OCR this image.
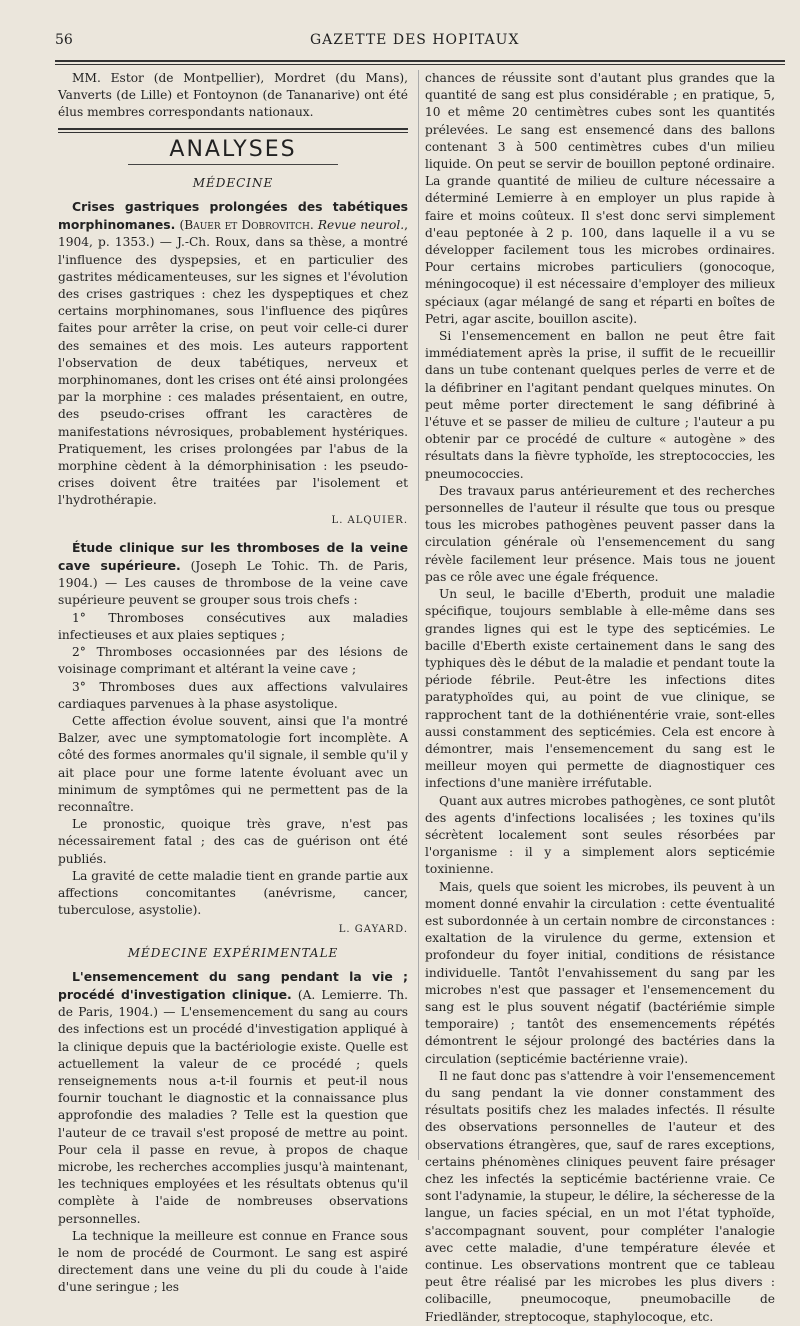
56	GAZETTE DES HOPITAUX

MM. Estor (de Montpellier), Mordret (du Mans), Vanverts (de Lille) et Fontoynon (de Tananarive) ont été élus membres correspondants nationaux.

ANALYSES
MÉDECINE

Crises gastriques prolongées des tabétiques morphinomanes. (Bauer et Dobrovitch. Revue neurol., 1904, p. 1353.) — J.-Ch. Roux, dans sa thèse, a montré l'influence des dyspepsies, et en particulier des gastrites médicamenteuses, sur les signes et l'évolution des crises gastriques : chez les dyspeptiques et chez certains morphinomanes, sous l'influence des piqûres faites pour arrêter la crise, on peut voir celle-ci durer des semaines et des mois. Les auteurs rapportent l'observation de deux tabétiques, nerveux et morphinomanes, dont les crises ont été ainsi prolongées par la morphine : ces malades présentaient, en outre, des pseudo-crises offrant les caractères de manifestations névrosiques, probablement hystériques. Pratiquement, les crises prolongées par l'abus de la morphine cèdent à la démorphinisation : les pseudo-crises doivent être traitées par l'isolement et l'hydrothérapie.

L. ALQUIER.

Étude clinique sur les thromboses de la veine cave supérieure. (Joseph Le Tohic. Th. de Paris, 1904.) — Les causes de thrombose de la veine cave supérieure peuvent se grouper sous trois chefs :

1° Thromboses consécutives aux maladies infectieuses et aux plaies septiques ;

2° Thromboses occasionnées par des lésions de voisinage comprimant et altérant la veine cave ;

3° Thromboses dues aux affections valvulaires cardiaques parvenues à la phase asystolique.

Cette affection évolue souvent, ainsi que l'a montré Balzer, avec une symptomatologie fort incomplète. A côté des formes anormales qu'il signale, il semble qu'il y ait place pour une forme latente évoluant avec un minimum de symptômes qui ne permettent pas de la reconnaître.

Le pronostic, quoique très grave, n'est pas nécessairement fatal ; des cas de guérison ont été publiés.

La gravité de cette maladie tient en grande partie aux affections concomitantes (anévrisme, cancer, tuberculose, asystolie).

L. GAYARD.
MÉDECINE EXPÉRIMENTALE

L'ensemencement du sang pendant la vie ; procédé d'investigation clinique. (A. Lemierre. Th. de Paris, 1904.) — L'ensemencement du sang au cours des infections est un procédé d'investigation appliqué à la clinique depuis que la bactériologie existe. Quelle est actuellement la valeur de ce procédé ; quels renseignements nous a-t-il fournis et peut-il nous fournir touchant le diagnostic et la connaissance plus approfondie des maladies ? Telle est la question que l'auteur de ce travail s'est proposé de mettre au point. Pour cela il passe en revue, à propos de chaque microbe, les recherches accomplies jusqu'à maintenant, les techniques employées et les résultats obtenus qu'il complète à l'aide de nombreuses observations personnelles.

La technique la meilleure est connue en France sous le nom de procédé de Courmont. Le sang est aspiré directement dans une veine du pli du coude à l'aide d'une seringue ; les

chances de réussite sont d'autant plus grandes que la quantité de sang est plus considérable ; en pratique, 5, 10 et même 20 centimètres cubes sont les quantités prélevées. Le sang est ensemencé dans des ballons contenant 3 à 500 centimètres cubes d'un milieu liquide. On peut se servir de bouillon peptoné ordinaire. La grande quantité de milieu de culture nécessaire a déterminé Lemierre à en employer un plus rapide à faire et moins coûteux. Il s'est donc servi simplement d'eau peptonée à 2 p. 100, dans laquelle il a vu se développer facilement tous les microbes ordinaires. Pour certains microbes particuliers (gonocoque, méningocoque) il est nécessaire d'employer des milieux spéciaux (agar mélangé de sang et réparti en boîtes de Petri, agar ascite, bouillon ascite).

Si l'ensemencement en ballon ne peut être fait immédiatement après la prise, il suffit de le recueillir dans un tube contenant quelques perles de verre et de la défibriner en l'agitant pendant quelques minutes. On peut même porter directement le sang défibriné à l'étuve et se passer de milieu de culture ; l'auteur a pu obtenir par ce procédé de culture « autogène » des résultats dans la fièvre typhoïde, les streptococcies, les pneumococcies.

Des travaux parus antérieurement et des recherches personnelles de l'auteur il résulte que tous ou presque tous les microbes pathogènes peuvent passer dans la circulation générale où l'ensemencement du sang révèle facilement leur présence. Mais tous ne jouent pas ce rôle avec une égale fréquence.

Un seul, le bacille d'Eberth, produit une maladie spécifique, toujours semblable à elle-même dans ses grandes lignes qui est le type des septicémies. Le bacille d'Eberth existe certainement dans le sang des typhiques dès le début de la maladie et pendant toute la période fébrile. Peut-être les infections dites paratyphoïdes qui, au point de vue clinique, se rapprochent tant de la dothiénentérie vraie, sont-elles aussi constamment des septicémies. Cela est encore à démontrer, mais l'ensemencement du sang est le meilleur moyen qui permette de diagnostiquer ces infections d'une manière irréfutable.

Quant aux autres microbes pathogènes, ce sont plutôt des agents d'infections localisées ; les toxines qu'ils sécrètent localement sont seules résorbées par l'organisme : il y a simplement alors septicémie toxinienne.

Mais, quels que soient les microbes, ils peuvent à un moment donné envahir la circulation : cette éventualité est subordonnée à un certain nombre de circonstances : exaltation de la virulence du germe, extension et profondeur du foyer initial, conditions de résistance individuelle. Tantôt l'envahissement du sang par les microbes n'est que passager et l'ensemencement du sang est le plus souvent négatif (bactériémie simple temporaire) ; tantôt des ensemencements répétés démontrent le séjour prolongé des bactéries dans la circulation (septicémie bactérienne vraie).

Il ne faut donc pas s'attendre à voir l'ensemencement du sang pendant la vie donner constamment des résultats positifs chez les malades infectés. Il résulte des observations personnelles de l'auteur et des observations étrangères, que, sauf de rares exceptions, certains phénomènes cliniques peuvent faire présager chez les infectés la septicémie bactérienne vraie. Ce sont l'adynamie, la stupeur, le délire, la sécheresse de la langue, un facies spécial, en un mot l'état typhoïde, s'accompagnant souvent, pour compléter l'analogie avec cette maladie, d'une température élevée et continue. Les observations montrent que ce tableau peut être réalisé par les microbes les plus divers : colibacille, pneumocoque, pneumobacille de Friedländer, streptocoque, staphylocoque, etc.
